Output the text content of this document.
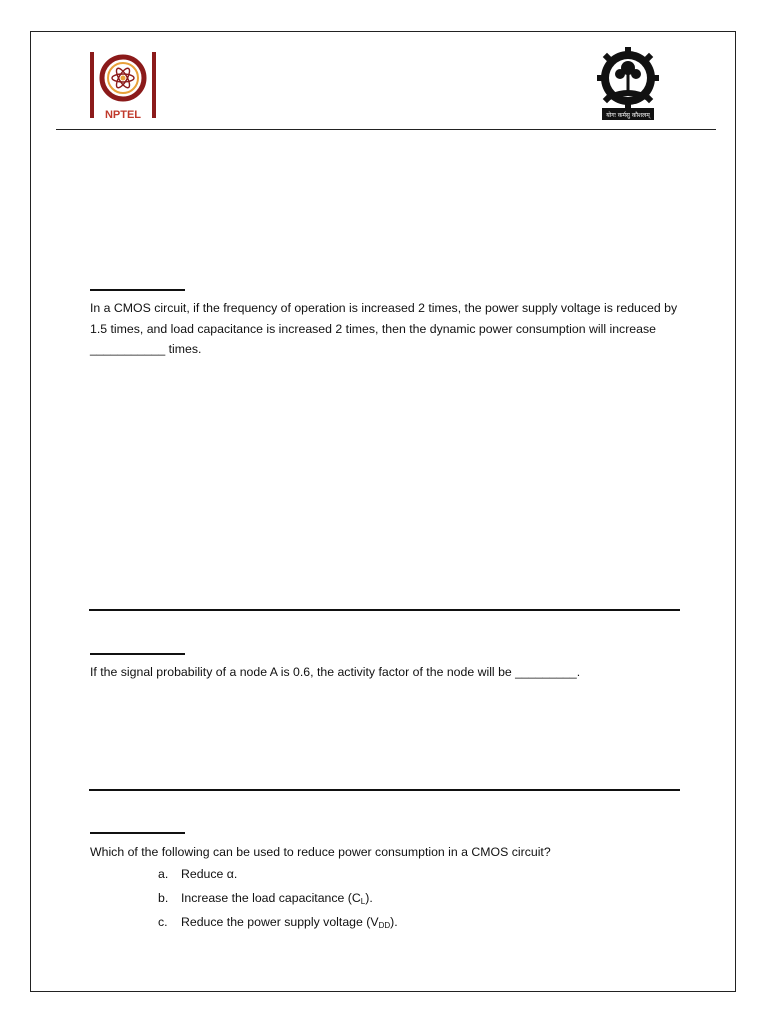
NPTEL	योगः कर्मसु कौशलम्
In a CMOS circuit, if the frequency of operation is increased 2 times, the power supply voltage is reduced by 1.5 times, and load capacitance is increased 2 times, then the dynamic power consumption will increase ___________ times.
If the signal probability of a node A is 0.6, the activity factor of the node will be _________.
Which of the following can be used to reduce power consumption in a CMOS circuit?
a.	Reduce α.
b.	Increase the load capacitance $(C_L)$.
c.	Reduce the power supply voltage $(V_{DD})$.
